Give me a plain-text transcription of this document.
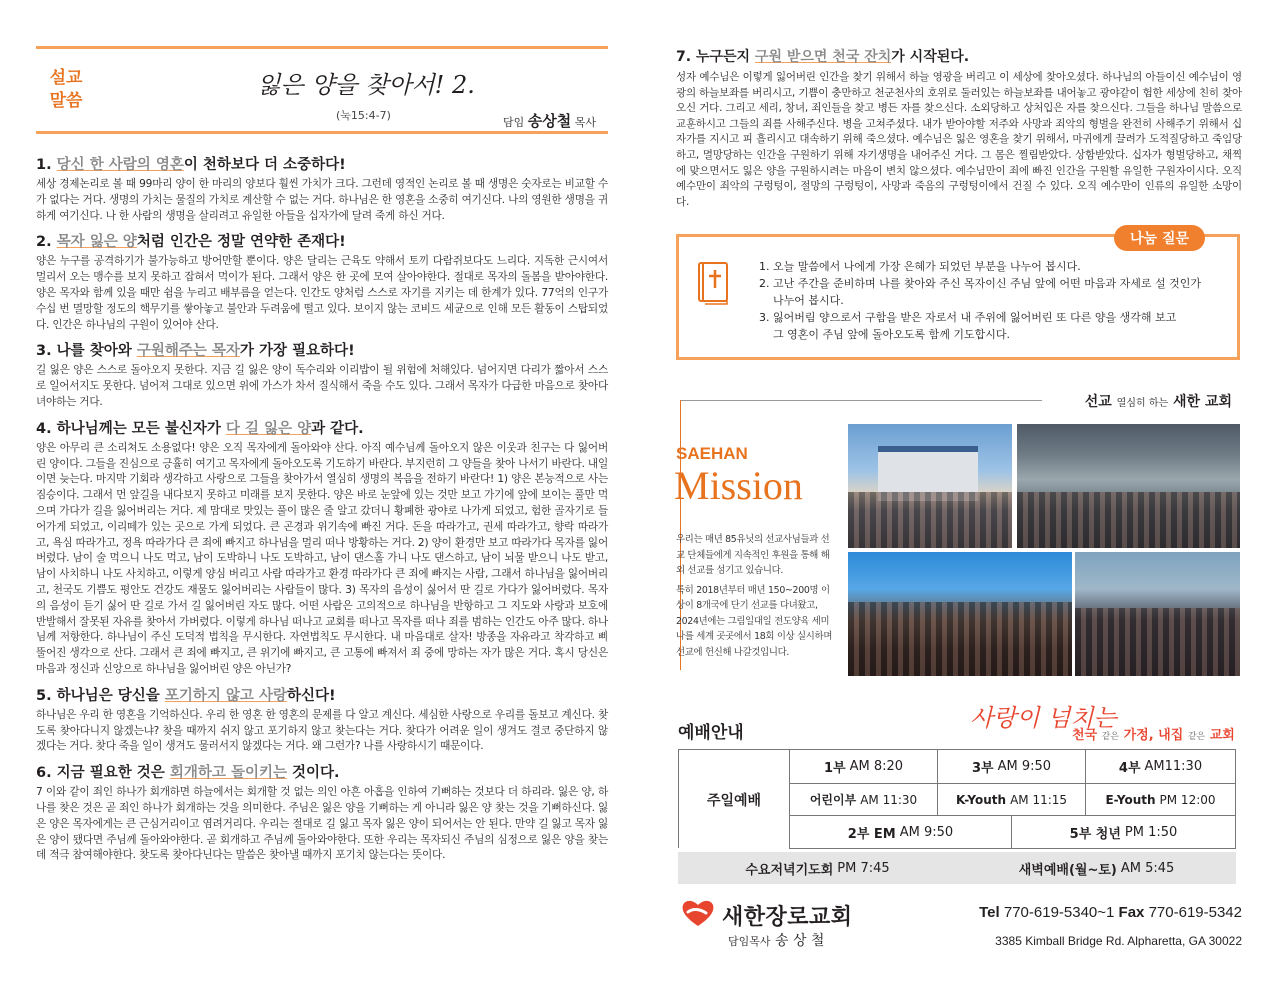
설교
말씀
잃은 양을 찾아서! 2.
(눅15:4-7)
담임 송상철 목사
1. 당신 한 사람의 영혼이 천하보다 더 소중하다!

세상 경제논리로 볼 때 99마리 양이 한 마리의 양보다 훨씬 가치가 크다. 그런데 영적인 논리로 볼 때 생명은 숫자로는 비교할 수가 없다는 거다. 생명의 가치는 물질의 가치로 계산할 수 없는 거다. 하나님은 한 영혼을 소중히 여기신다. 나의 영원한 생명을 귀하게 여기신다. 나 한 사람의 생명을 살리려고 유일한 아들을 십자가에 달려 죽게 하신 거다.

2. 목자 잃은 양처럼 인간은 정말 연약한 존재다!

양은 누구를 공격하기가 불가능하고 방어만할 뿐이다. 양은 달리는 근육도 약해서 토끼 다람쥐보다도 느리다. 지독한 근시여서 멀리서 오는 맹수를 보지 못하고 잡혀서 먹이가 된다. 그래서 양은 한 곳에 모여 살아야한다. 절대로 목자의 돌봄을 받아야한다. 양은 목자와 함께 있을 때만 쉼을 누리고 배부름을 얻는다. 인간도 양처럼 스스로 자기를 지키는 데 한계가 있다. 77억의 인구가 수십 번 멸망할 정도의 핵무기를 쌓아놓고 불안과 두려움에 떨고 있다. 보이지 않는 코비드 세균으로 인해 모든 활동이 스탑되었다. 인간은 하나님의 구원이 있어야 산다.

3. 나를 찾아와 구원해주는 목자가 가장 필요하다!

길 잃은 양은 스스로 돌아오지 못한다. 지금 길 잃은 양이 독수리와 이리밥이 될 위험에 처해있다. 넘어지면 다리가 짧아서 스스로 일어서지도 못한다. 넘어져 그대로 있으면 위에 가스가 차서 질식해서 죽을 수도 있다. 그래서 목자가 다급한 마음으로 찾아다녀야하는 거다.

4. 하나님께는 모든 불신자가 다 길 잃은 양과 같다.

양은 아무리 큰 소리쳐도 소용없다! 양은 오직 목자에게 돌아와야 산다. 아직 예수님께 돌아오지 않은 이웃과 친구는 다 잃어버린 양이다. 그들을 진심으로 긍휼히 여기고 목자에게 돌아오도록 기도하기 바란다. 부지런히 그 양들을 찾아 나서기 바란다. 내일이면 늦는다. 마지막 기회라 생각하고 사랑으로 그들을 찾아가서 열심히 생명의 복음을 전하기 바란다! 1) 양은 본능적으로 사는 짐승이다. 그래서 먼 앞길을 내다보지 못하고 미래를 보지 못한다. 양은 바로 눈앞에 있는 것만 보고 가기에 앞에 보이는 풀만 먹으며 가다가 길을 잃어버리는 거다. 제 맘대로 맛있는 풀이 많은 줄 알고 갔더니 황폐한 광야로 나가게 되었고, 험한 골자기로 들어가게 되었고, 이리떼가 있는 곳으로 가게 되었다. 큰 곤경과 위기속에 빠진 거다. 돈을 따라가고, 권세 따라가고, 향락 따라가고, 욕심 따라가고, 정욕 따라가다 큰 죄에 빠지고 하나님을 멀리 떠나 방황하는 거다. 2) 양이 환경만 보고 따라가다 목자를 잃어버렸다. 남이 술 먹으니 나도 먹고, 남이 도박하니 나도 도박하고, 남이 댄스홀 가니 나도 댄스하고, 남이 뇌물 받으니 나도 받고, 남이 사치하니 나도 사치하고, 이렇게 양심 버리고 사람 따라가고 환경 따라가다 큰 죄에 빠지는 사람, 그래서 하나님을 잃어버리고, 천국도 기쁨도 평안도 건강도 재물도 잃어버리는 사람들이 많다. 3) 목자의 음성이 싫어서 딴 길로 가다가 잃어버렸다. 목자의 음성이 듣기 싫어 딴 길로 가서 길 잃어버린 자도 많다. 어떤 사람은 고의적으로 하나님을 반항하고 그 지도와 사랑과 보호에 반발해서 잘못된 자유를 찾아서 가버렸다. 이렇게 하나님 떠나고 교회를 떠나고 목자를 떠나 죄를 범하는 인간도 아주 많다. 하나님께 저항한다. 하나님이 주신 도덕적 법칙을 무시한다. 자연법칙도 무시한다. 내 마음대로 살자! 방종을 자유라고 착각하고 삐뚤어진 생각으로 산다. 그래서 큰 죄에 빠지고, 큰 위기에 빠지고, 큰 고통에 빠져서 죄 중에 망하는 자가 많은 거다. 혹시 당신은 마음과 정신과 신앙으로 하나님을 잃어버린 양은 아닌가?

5. 하나님은 당신을 포기하지 않고 사랑하신다!

하나님은 우리 한 영혼을 기억하신다. 우리 한 영혼 한 영혼의 문제를 다 알고 계신다. 세심한 사랑으로 우리를 돌보고 계신다. 찾도록 찾아다니지 않겠는냐? 찾을 때까지 쉬지 않고 포기하지 않고 찾는다는 거다. 찾다가 어려운 일이 생겨도 결코 중단하지 않겠다는 거다. 찾다 죽을 일이 생겨도 물러서지 않겠다는 거다. 왜 그런가? 나를 사랑하시기 때문이다.

6. 지금 필요한 것은 회개하고 돌이키는 것이다.

7 이와 같이 죄인 하나가 회개하면 하늘에서는 회개할 것 없는 의인 아흔 아홉을 인하여 기뻐하는 것보다 더 하리라. 잃은 양, 하나를 찾은 것은 곧 죄인 하나가 회개하는 것을 의미한다. 주님은 잃은 양을 기뻐하는 게 아니라 잃은 양 찾는 것을 기뻐하신다. 잃은 양은 목자에게는 큰 근심거리이고 염려거리다. 우리는 절대로 길 잃고 목자 잃은 양이 되어서는 안 된다. 만약 길 잃고 목자 잃은 양이 됐다면 주님께 돌아와야한다. 곧 회개하고 주님께 돌아와야한다. 또한 우리는 목자되신 주님의 심정으로 잃은 양을 찾는데 적극 참여해야한다. 찾도록 찾아다닌다는 말씀은 찾아낼 때까지 포기치 않는다는 뜻이다.

7. 누구든지 구원 받으면 천국 잔치가 시작된다.

성자 예수님은 이렇게 잃어버린 인간을 찾기 위해서 하늘 영광을 버리고 이 세상에 찾아오셨다. 하나님의 아들이신 예수님이 영광의 하늘보좌를 버리시고, 기쁨이 충만하고 천군천사의 호위로 둘러있는 하늘보좌를 내어놓고 광야같이 험한 세상에 친히 찾아오신 거다. 그리고 세리, 창녀, 죄인들을 찾고 병든 자를 찾으신다. 소외당하고 상처입은 자를 찾으신다. 그들을 하나님 말씀으로 교훈하시고 그들의 죄를 사해주신다. 병을 고쳐주셨다. 내가 받아야할 저주와 사망과 죄악의 형벌을 완전히 사해주기 위해서 십자가를 지시고 피 흘리시고 대속하기 위해 죽으셨다. 예수님은 잃은 영혼을 찾기 위해서, 마귀에게 끌려가 도적질당하고 죽임당하고, 멸망당하는 인간을 구원하기 위해 자기생명을 내어주신 거다. 그 몸은 찔림받았다. 상함받았다. 십자가 형벌당하고, 채찍에 맞으면서도 잃은 양을 구원하시려는 마음이 변치 않으셨다. 예수님만이 죄에 빠진 인간을 구원할 유일한 구원자이시다. 오직 예수만이 죄악의 구렁텅이, 절망의 구렁텅이, 사망과 죽음의 구렁텅이에서 건질 수 있다. 오직 예수만이 인류의 유일한 소망이다.

나눔 질문
1. 오늘 말씀에서 나에게 가장 은혜가 되었던 부분을 나누어 봅시다.
2. 고난 주간을 준비하며 나를 찾아와 주신 목자이신 주님 앞에 어떤 마음과 자세로 설 것인가
나누어 봅시다.
3. 잃어버림 양으로서 구함을 받은 자로서 내 주위에 잃어버린 또 다른 양을 생각해 보고
그 영혼이 주님 앞에 돌아오도록 함께 기도합시다.
선교 열심히 하는 새한 교회
SAEHAN
Mission

우리는 매년 85유닛의 선교사님들과 선교 단체들에게 지속적인 후원을 통해 해외 선교를 섬기고 있습니다.

특히 2018년부터 매년 150~200명 이상이 8개국에 단기 선교를 다녀왔고, 2024년에는 그림일대일 전도양육 세미나를 세계 곳곳에서 18회 이상 실시하며 선교에 헌신해 나갈것입니다.

예배안내
사랑이 넘치는
천국 같은 가정, 내집 같은 교회
주일예배
1부 AM 8:20	3부 AM 9:50	4부 AM11:30
어린이부 AM 11:30	K-Youth AM 11:15	E-Youth PM 12:00
2부 EM AM 9:50	5부 청년 PM 1:50
수요저녁기도회 PM 7:45	새벽예배(월~토) AM 5:45
새한장로교회
담임목사 송 상 철
Tel 770-619-5340~1 Fax 770-619-5342
3385 Kimball Bridge Rd. Alpharetta, GA 30022
